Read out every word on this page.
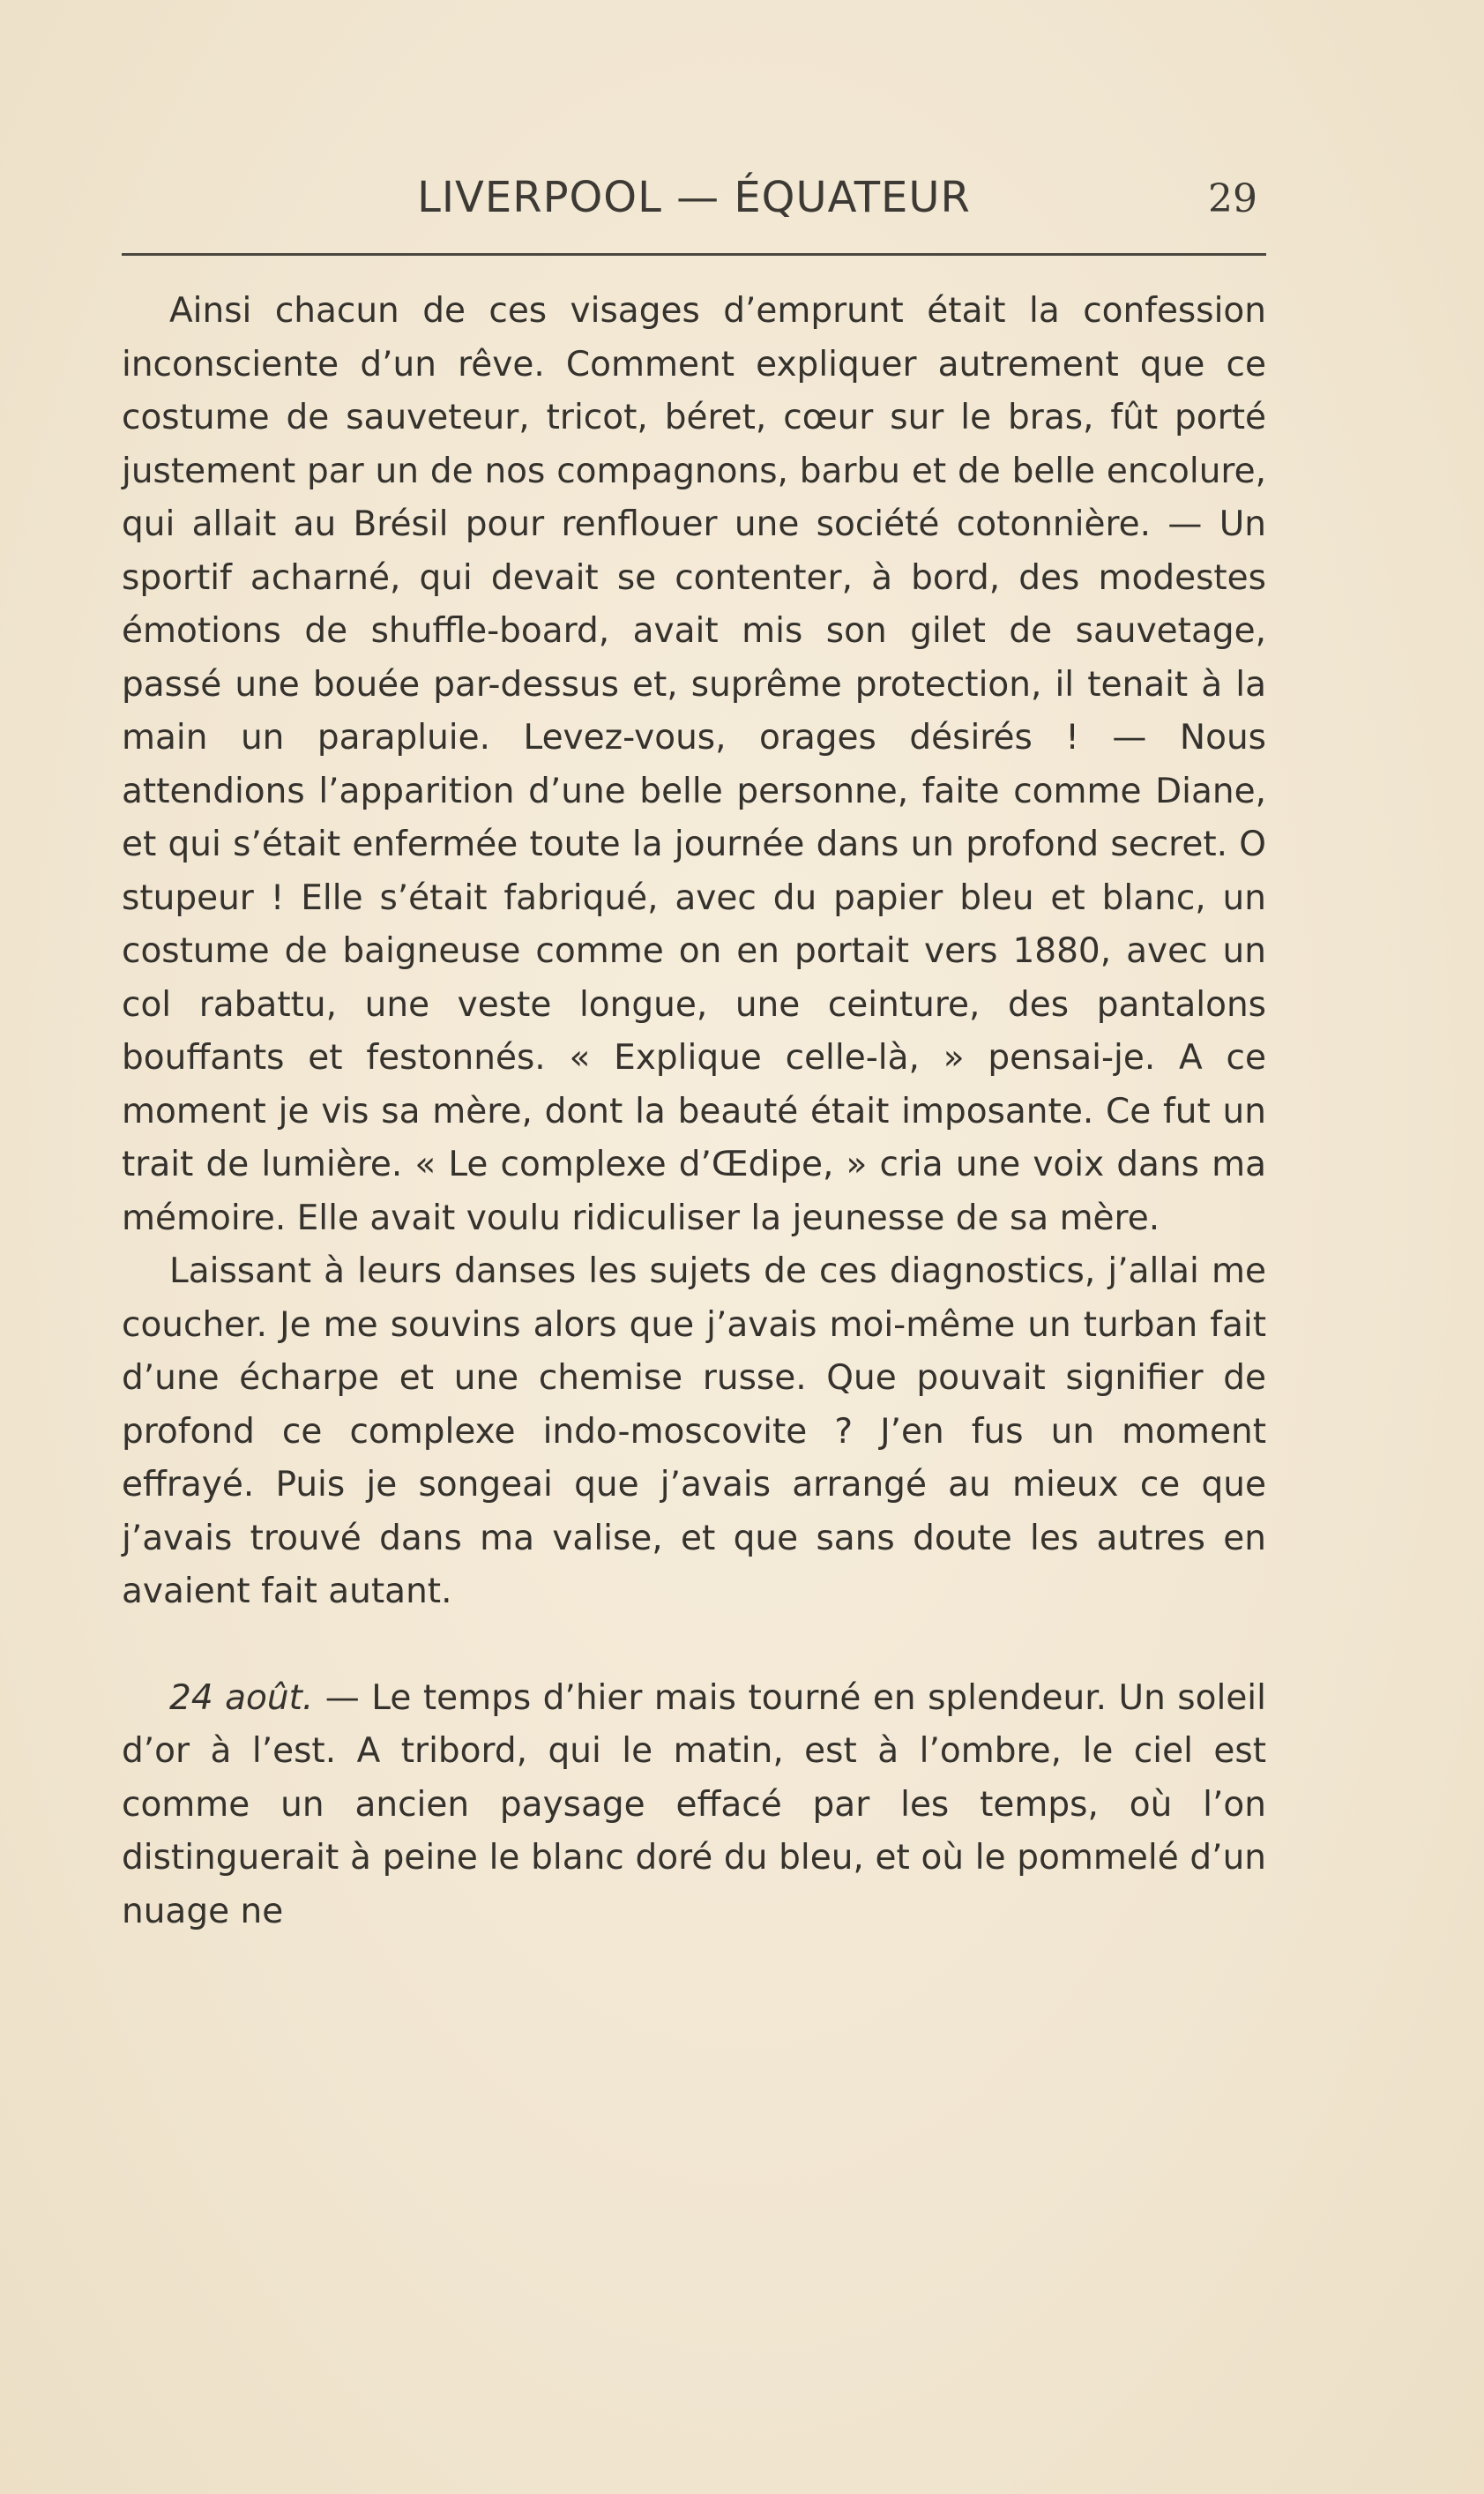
LIVERPOOL — ÉQUATEUR	29

Ainsi chacun de ces visages d’emprunt était la confession inconsciente d’un rêve. Comment expliquer autrement que ce costume de sauveteur, tricot, béret, cœur sur le bras, fût porté justement par un de nos compagnons, barbu et de belle encolure, qui allait au Brésil pour renflouer une société cotonnière. — Un sportif acharné, qui devait se contenter, à bord, des modestes émotions de shuffle-board, avait mis son gilet de sauvetage, passé une bouée par-dessus et, suprême protection, il tenait à la main un parapluie. Levez-vous, orages désirés ! — Nous attendions l’apparition d’une belle personne, faite comme Diane, et qui s’était enfermée toute la journée dans un profond secret. O stupeur ! Elle s’était fabriqué, avec du papier bleu et blanc, un costume de baigneuse comme on en portait vers 1880, avec un col rabattu, une veste longue, une ceinture, des pantalons bouffants et festonnés. « Explique celle-là, » pensai-je. A ce moment je vis sa mère, dont la beauté était imposante. Ce fut un trait de lumière. « Le complexe d’Œdipe, » cria une voix dans ma mémoire. Elle avait voulu ridiculiser la jeunesse de sa mère.

Laissant à leurs danses les sujets de ces diagnostics, j’allai me coucher. Je me souvins alors que j’avais moi-même un turban fait d’une écharpe et une chemise russe. Que pouvait signifier de profond ce complexe indo-moscovite ? J’en fus un moment effrayé. Puis je songeai que j’avais arrangé au mieux ce que j’avais trouvé dans ma valise, et que sans doute les autres en avaient fait autant.

24 août. — Le temps d’hier mais tourné en splendeur. Un soleil d’or à l’est. A tribord, qui le matin, est à l’ombre, le ciel est comme un ancien paysage effacé par les temps, où l’on distinguerait à peine le blanc doré du bleu, et où le pommelé d’un nuage ne
